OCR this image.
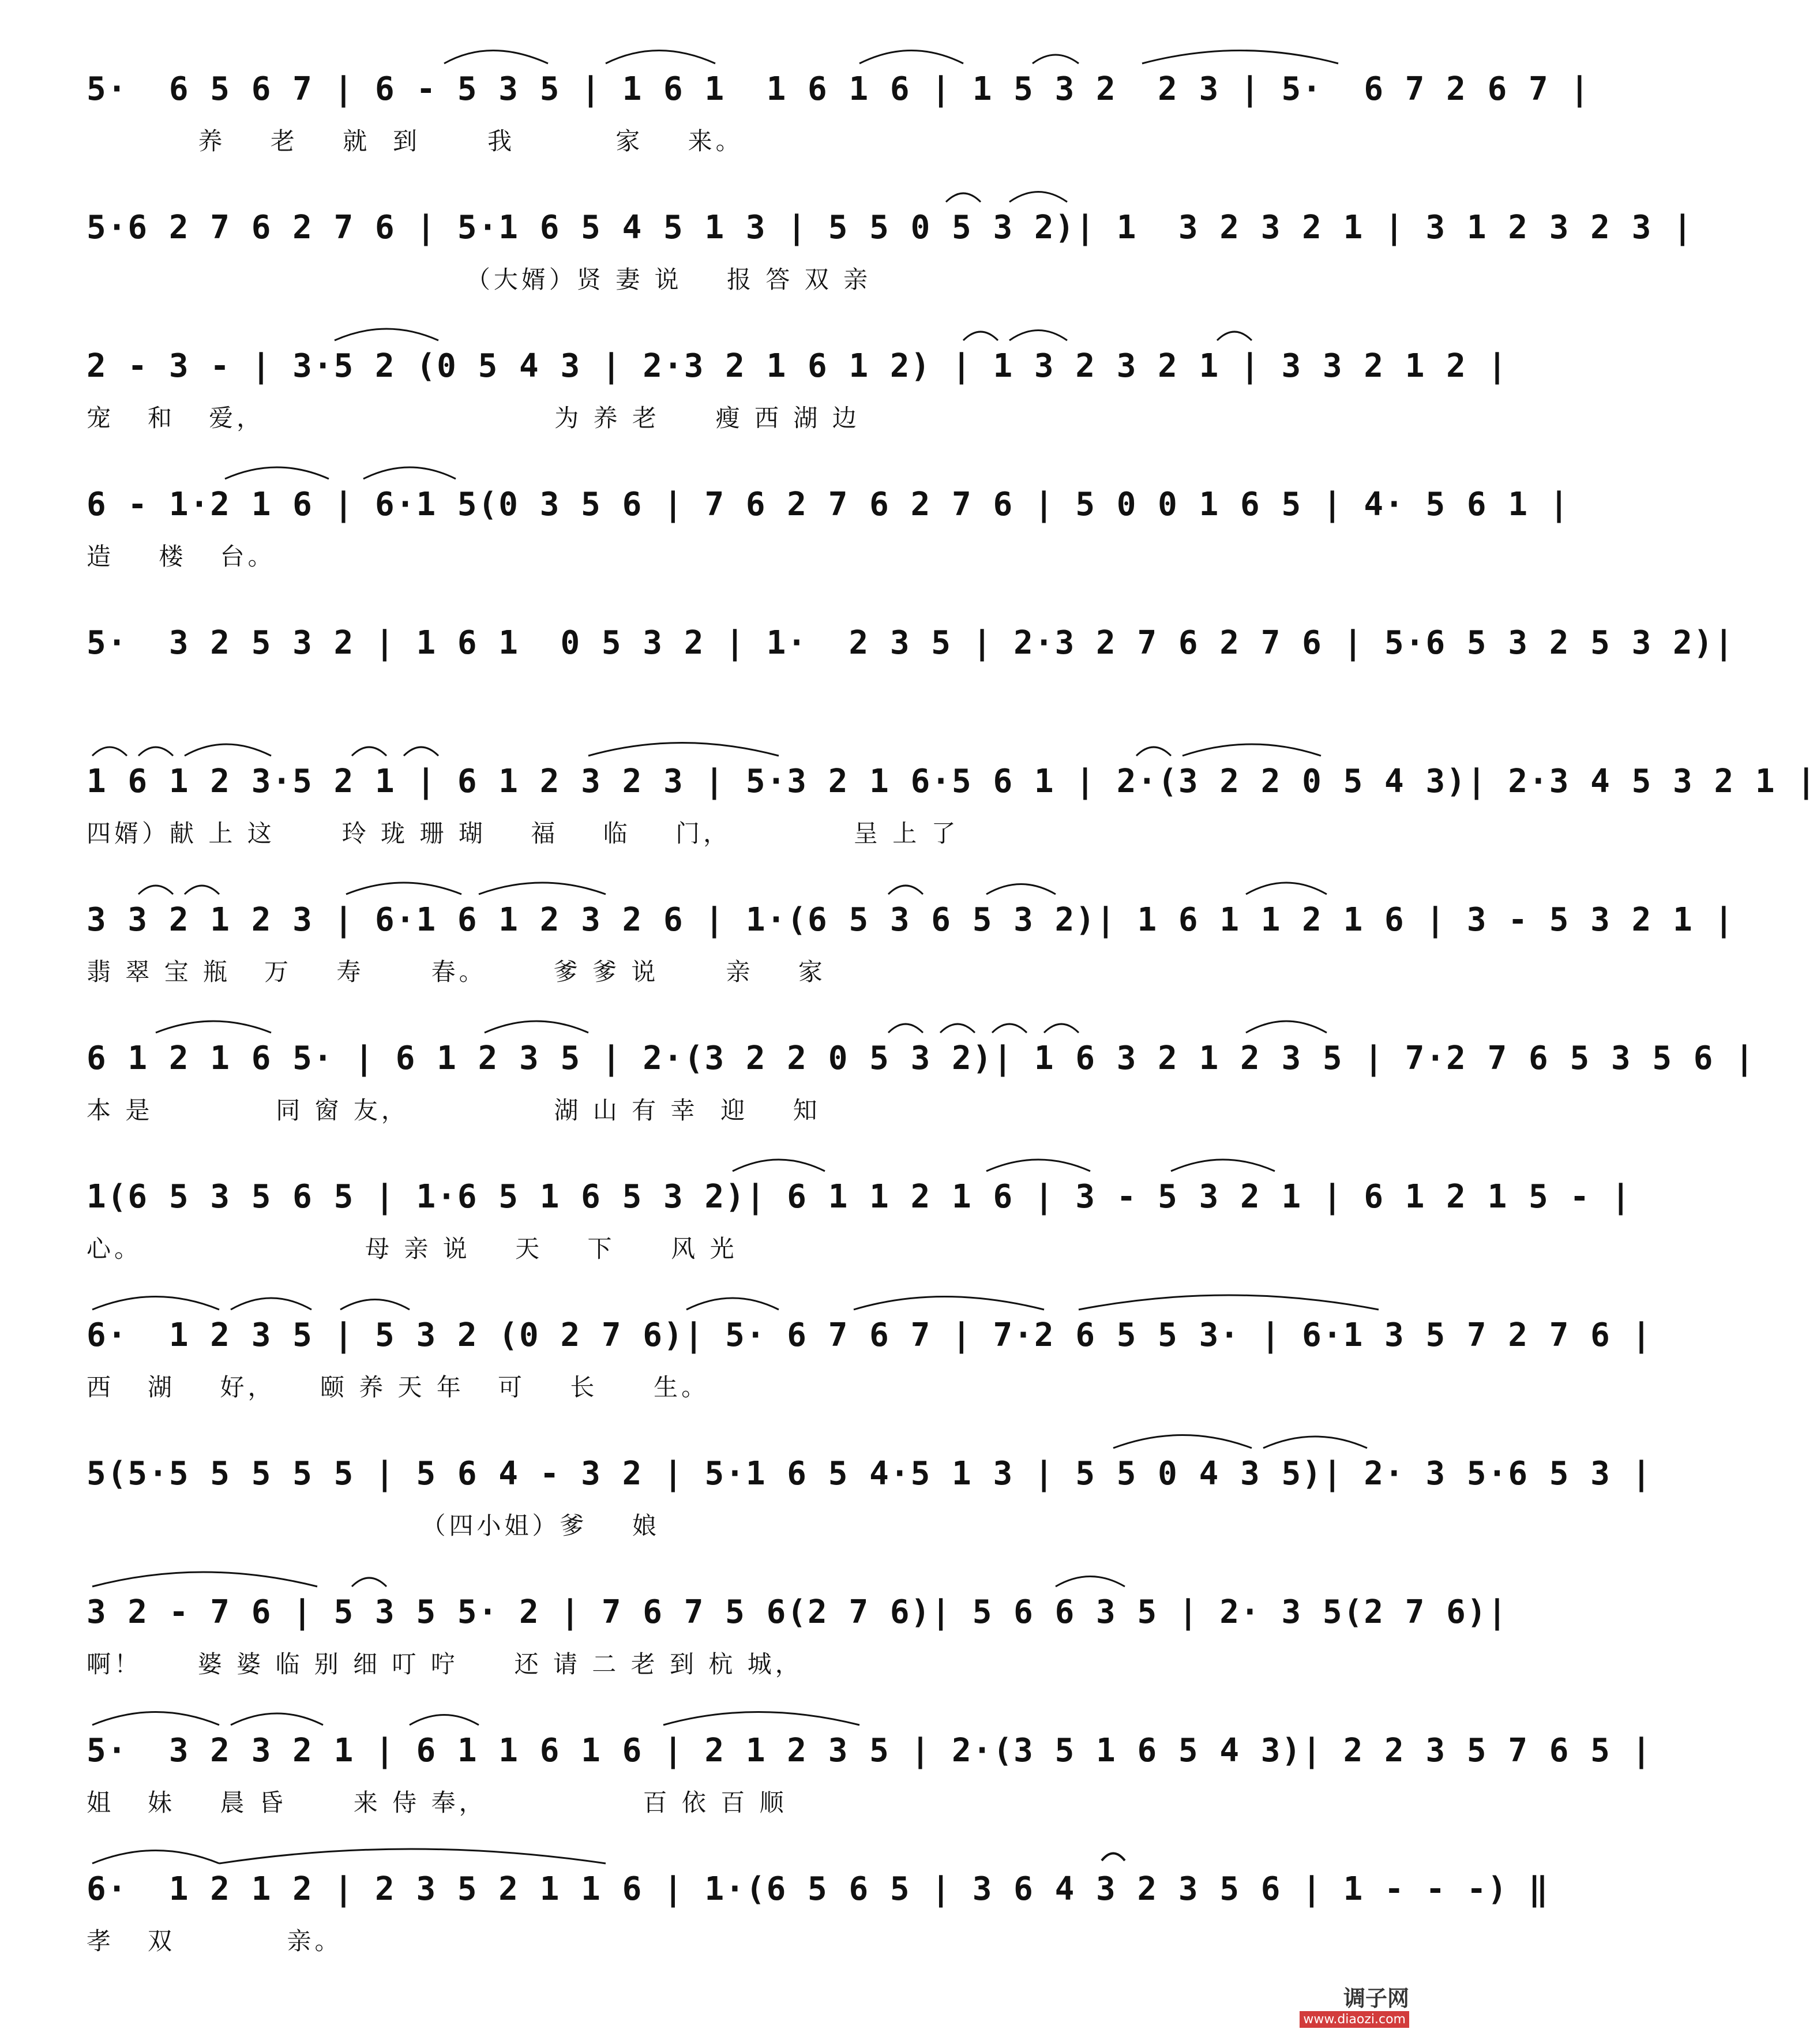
5·  6 5 6 7 | 6 - 5 3 5 | 1 6 1  1 6 1 6 | 1 5 3 2  2 3 | 5·  6 7 2 6 7 |
养    老    就  到      我         家    来。
5·6 2 7 6 2 7 6 | 5·1 6 5 4 5 1 3 | 5 5 0 5 3 2)| 1  3 2 3 2 1 | 3 1 2 3 2 3 |
（大婿）贤 妻 说    报 答 双 亲
2 - 3 - | 3·5 2 (0 5 4 3 | 2·3 2 1 6 1 2) | 1 3 2 3 2 1 | 3 3 2 1 2 |
宠   和   爱，                          为 养 老     瘦 西 湖 边
6 - 1·2 1 6 | 6·1 5(0 3 5 6 | 7 6 2 7 6 2 7 6 | 5 0 0 1 6 5 | 4· 5 6 1 |
造    楼   台。
5·  3 2 5 3 2 | 1 6 1  0 5 3 2 | 1·  2 3 5 | 2·3 2 7 6 2 7 6 | 5·6 5 3 2 5 3 2)|
1 6 1 2 3·5 2 1 | 6 1 2 3 2 3 | 5·3 2 1 6·5 6 1 | 2·(3 2 2 0 5 4 3)| 2·3 4 5 3 2 1 |
四婿）献 上 这      玲 珑 珊 瑚    福    临    门，           呈 上 了
3 3 2 1 2 3 | 6·1 6 1 2 3 2 6 | 1·(6 5 3 6 5 3 2)| 1 6 1 1 2 1 6 | 3 - 5 3 2 1 |
翡 翠 宝 瓶   万    寿      春。      爹 爹 说      亲    家
6 1 2 1 6 5· | 6 1 2 3 5 | 2·(3 2 2 0 5 3 2)| 1 6 3 2 1 2 3 5 | 7·2 7 6 5 3 5 6 |
本 是           同 窗 友，             湖 山 有 幸  迎    知
1(6 5 3 5 6 5 | 1·6 5 1 6 5 3 2)| 6 1 1 2 1 6 | 3 - 5 3 2 1 | 6 1 2 1 5 - |
心。                    母 亲 说    天    下     风 光
6·  1 2 3 5 | 5 3 2 (0 2 7 6)| 5· 6 7 6 7 | 7·2 6 5 5 3· | 6·1 3 5 7 2 7 6 |
西   湖    好，    颐 养 天 年   可    长     生。
5(5·5 5 5 5 5 | 5 6 4 - 3 2 | 5·1 6 5 4·5 1 3 | 5 5 0 4 3 5)| 2· 3 5·6 5 3 |
（四小姐）爹    娘
3 2 - 7 6 | 5 3 5 5· 2 | 7 6 7 5 6(2 7 6)| 5 6 6 3 5 | 2· 3 5(2 7 6)|
啊！     婆 婆 临 别 细 叮 咛     还 请 二 老 到 杭 城，
5·  3 2 3 2 1 | 6 1 1 6 1 6 | 2 1 2 3 5 | 2·(3 5 1 6 5 4 3)| 2 2 3 5 7 6 5 |
姐   妹    晨 昏      来 侍 奉，              百 依 百 顺
6·  1 2 1 2 | 2 3 5 2 1 1 6 | 1·(6 5 6 5 | 3 6 4 3 2 3 5 6 | 1 - - -) ‖
孝   双          亲。
调子网
www.diaozi.com
